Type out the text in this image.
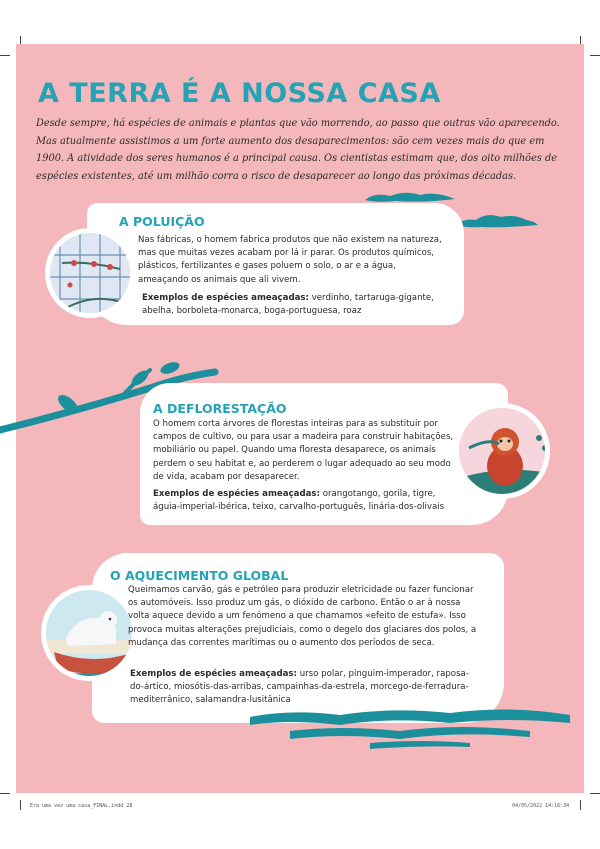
A TERRA É A NOSSA CASA

Desde sempre, há espécies de animais e plantas que vão morrendo, ao passo que outras vão aparecendo. Mas atualmente assistimos a um forte aumento dos desaparecimentos: são cem vezes mais do que em 1900. A atividade dos seres humanos é a principal causa. Os cientistas estimam que, dos oito milhões de espécies existentes, até um milhão corra o risco de desaparecer ao longo das próximas décadas.

A POLUIÇÃO

Nas fábricas, o homem fabrica produtos que não existem na natureza, mas que muitas vezes acabam por lá ir parar. Os produtos químicos, plásticos, fertilizantes e gases poluem o solo, o ar e a água, ameaçando os animais que ali vivem.

Exemplos de espécies ameaçadas: verdinho, tartaruga-gigante, abelha, borboleta-monarca, boga-portuguesa, roaz

A DEFLORESTAÇÃO

O homem corta árvores de florestas inteiras para as substituir por campos de cultivo, ou para usar a madeira para construir habitações, mobiliário ou papel. Quando uma floresta desaparece, os animais perdem o seu habitat e, ao perderem o lugar adequado ao seu modo de vida, acabam por desaparecer.

Exemplos de espécies ameaçadas: orangotango, gorila, tigre, águia-imperial-ibérica, teixo, carvalho-português, linária-dos-olivais

O AQUECIMENTO GLOBAL

Queimamos carvão, gás e petróleo para produzir eletricidade ou fazer funcionar os automóveis. Isso produz um gás, o dióxido de carbono. Então o ar à nossa volta aquece devido a um fenómeno a que chamamos «efeito de estufa». Isso provoca muitas alterações prejudiciais, como o degelo dos glaciares dos polos, a mudança das correntes marítimas ou o aumento dos períodos de seca.

Exemplos de espécies ameaçadas: urso polar, pinguim-imperador, raposa-do-ártico, miosótis-das-arribas, campainhas-da-estrela, morcego-de-ferradura-mediterrânico, salamandra-lusitânica

Era uma vez uma casa_FINAL.indd 28	04/05/2022 14:16:34
